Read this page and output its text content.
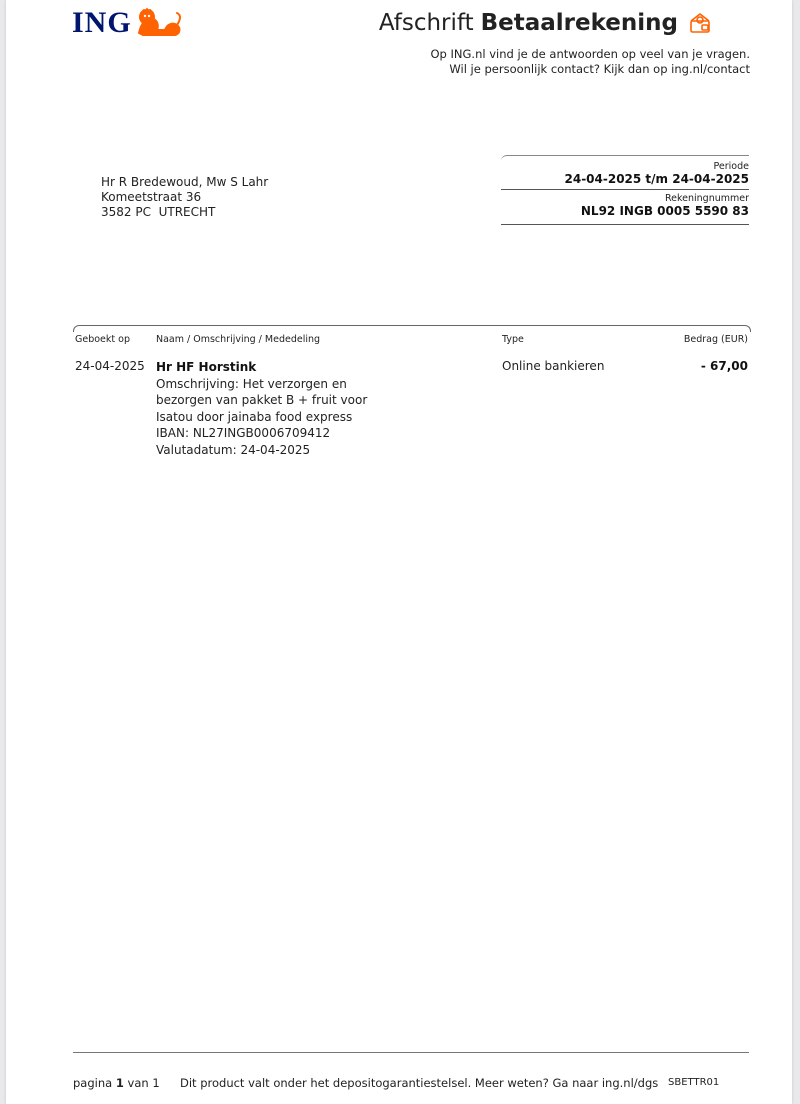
ING	Afschrift Betaalrekening
Op ING.nl vind je de antwoorden op veel van je vragen.
Wil je persoonlijk contact? Kijk dan op ing.nl/contact
Hr R Bredewoud, Mw S Lahr
Komeetstraat 36
3582 PC  UTRECHT
Periode
24-04-2025 t/m 24-04-2025
Rekeningnummer
NL92 INGB 0005 5590 83
Geboekt op	Naam / Omschrijving / Mededeling	Type	Bedrag (EUR)
24-04-2025 Hr HF Horstink
Omschrijving: Het verzorgen en
bezorgen van pakket B + fruit voor
Isatou door jainaba food express
IBAN: NL27INGB0006709412
Valutadatum: 24-04-2025
Online bankieren	- 67,00
pagina 1 van 1 Dit product valt onder het depositogarantiestelsel. Meer weten? Ga naar ing.nl/dgs SBETTR01
